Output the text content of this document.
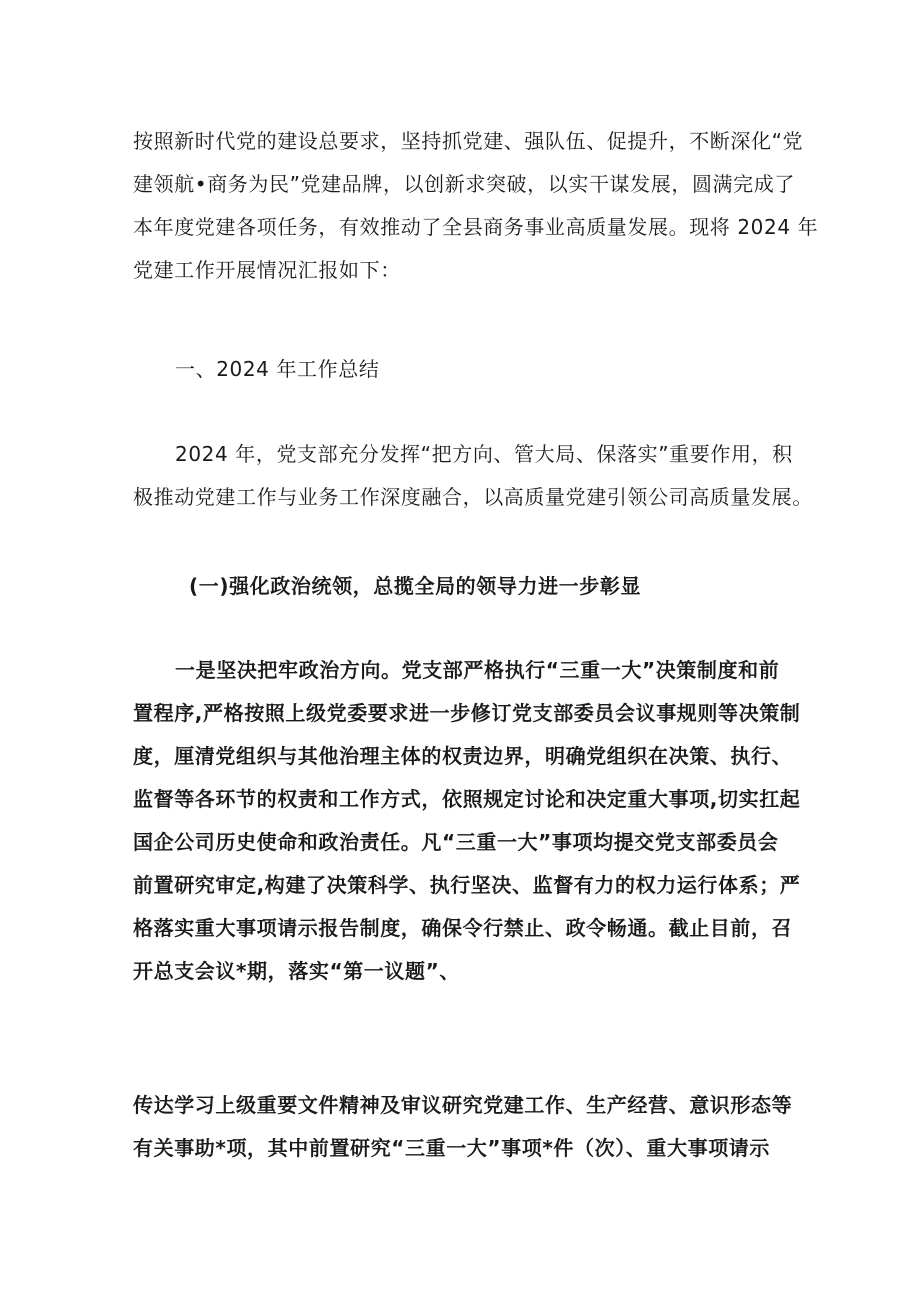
按照新时代党的建设总要求，坚持抓党建、强队伍、促提升，不断深化“党
建领航•商务为民”党建品牌，以创新求突破，以实干谋发展，圆满完成了
本年度党建各项任务，有效推动了全县商务事业高质量发展。现将 2024 年
党建工作开展情况汇报如下：
一、2024 年工作总结
2024 年，党支部充分发挥“把方向、管大局、保落实”重要作用，积
极推动党建工作与业务工作深度融合，以高质量党建引领公司高质量发展。
(一)强化政治统领，总揽全局的领导力进一步彰显
一是坚决把牢政治方向。党支部严格执行“三重一大”决策制度和前
置程序,严格按照上级党委要求进一步修订党支部委员会议事规则等决策制
度，厘清党组织与其他治理主体的权责边界，明确党组织在决策、执行、
监督等各环节的权责和工作方式，依照规定讨论和决定重大事项,切实扛起
国企公司历史使命和政治责任。凡“三重一大”事项均提交党支部委员会
前置研究审定,构建了决策科学、执行坚决、监督有力的权力运行体系；严
格落实重大事项请示报告制度，确保令行禁止、政令畅通。截止目前，召
开总支会议*期，落实“第一议题”、
传达学习上级重要文件精神及审议研究党建工作、生产经营、意识形态等
有关事助*项，其中前置研究“三重一大”事项*件（次）、重大事项请示
